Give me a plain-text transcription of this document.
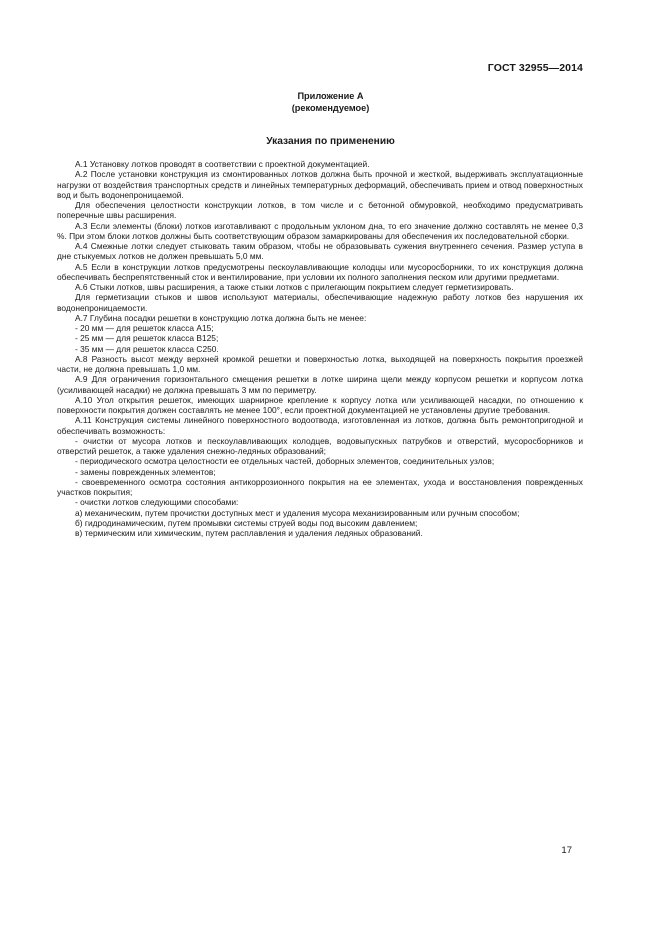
ГОСТ 32955—2014
Приложение А
(рекомендуемое)
Указания по применению

А.1 Установку лотков проводят в соответствии с проектной документацией.

А.2 После установки конструкция из смонтированных лотков должна быть прочной и жесткой, выдерживать эксплуатационные нагрузки от воздействия транспортных средств и линейных температурных деформаций, обеспечивать прием и отвод поверхностных вод и быть водонепроницаемой.

Для обеспечения целостности конструкции лотков, в том числе и с бетонной обмуровкой, необходимо предусматривать поперечные швы расширения.

А.3 Если элементы (блоки) лотков изготавливают с продольным уклоном дна, то его значение должно составлять не менее 0,3 %. При этом блоки лотков должны быть соответствующим образом замаркированы для обеспечения их последовательной сборки.

А.4 Смежные лотки следует стыковать таким образом, чтобы не образовывать сужения внутреннего сечения. Размер уступа в дне стыкуемых лотков не должен превышать 5,0 мм.

А.5 Если в конструкции лотков предусмотрены пескоулавливающие колодцы или мусоросборники, то их конструкция должна обеспечивать беспрепятственный сток и вентилирование, при условии их полного заполнения песком или другими предметами.

А.6 Стыки лотков, швы расширения, а также стыки лотков с прилегающим покрытием следует герметизировать.

Для герметизации стыков и швов используют материалы, обеспечивающие надежную работу лотков без нарушения их водонепроницаемости.

А.7 Глубина посадки решетки в конструкцию лотка должна быть не менее:

- 20 мм — для решеток класса А15;

- 25 мм — для решеток класса В125;

- 35 мм — для решеток класса С250.

А.8 Разность высот между верхней кромкой решетки и поверхностью лотка, выходящей на поверхность покрытия проезжей части, не должна превышать 1,0 мм.

А.9 Для ограничения горизонтального смещения решетки в лотке ширина щели между корпусом решетки и корпусом лотка (усиливающей насадки) не должна превышать 3 мм по периметру.

А.10 Угол открытия решеток, имеющих шарнирное крепление к корпусу лотка или усиливающей насадки, по отношению к поверхности покрытия должен составлять не менее 100°, если проектной документацией не установлены другие требования.

А.11 Конструкция системы линейного поверхностного водоотвода, изготовленная из лотков, должна быть ремонтопригодной и обеспечивать возможность:

- очистки от мусора лотков и пескоулавливающих колодцев, водовыпускных патрубков и отверстий, мусоросборников и отверстий решеток, а также удаления снежно-ледяных образований;

- периодического осмотра целостности ее отдельных частей, доборных элементов, соединительных узлов;

- замены поврежденных элементов;

- своевременного осмотра состояния антикоррозионного покрытия на ее элементах, ухода и восстановления поврежденных участков покрытия;

- очистки лотков следующими способами:

а) механическим, путем прочистки доступных мест и удаления мусора механизированным или ручным способом;

б) гидродинамическим, путем промывки системы струей воды под высоким давлением;

в) термическим или химическим, путем расплавления и удаления ледяных образований.

17
